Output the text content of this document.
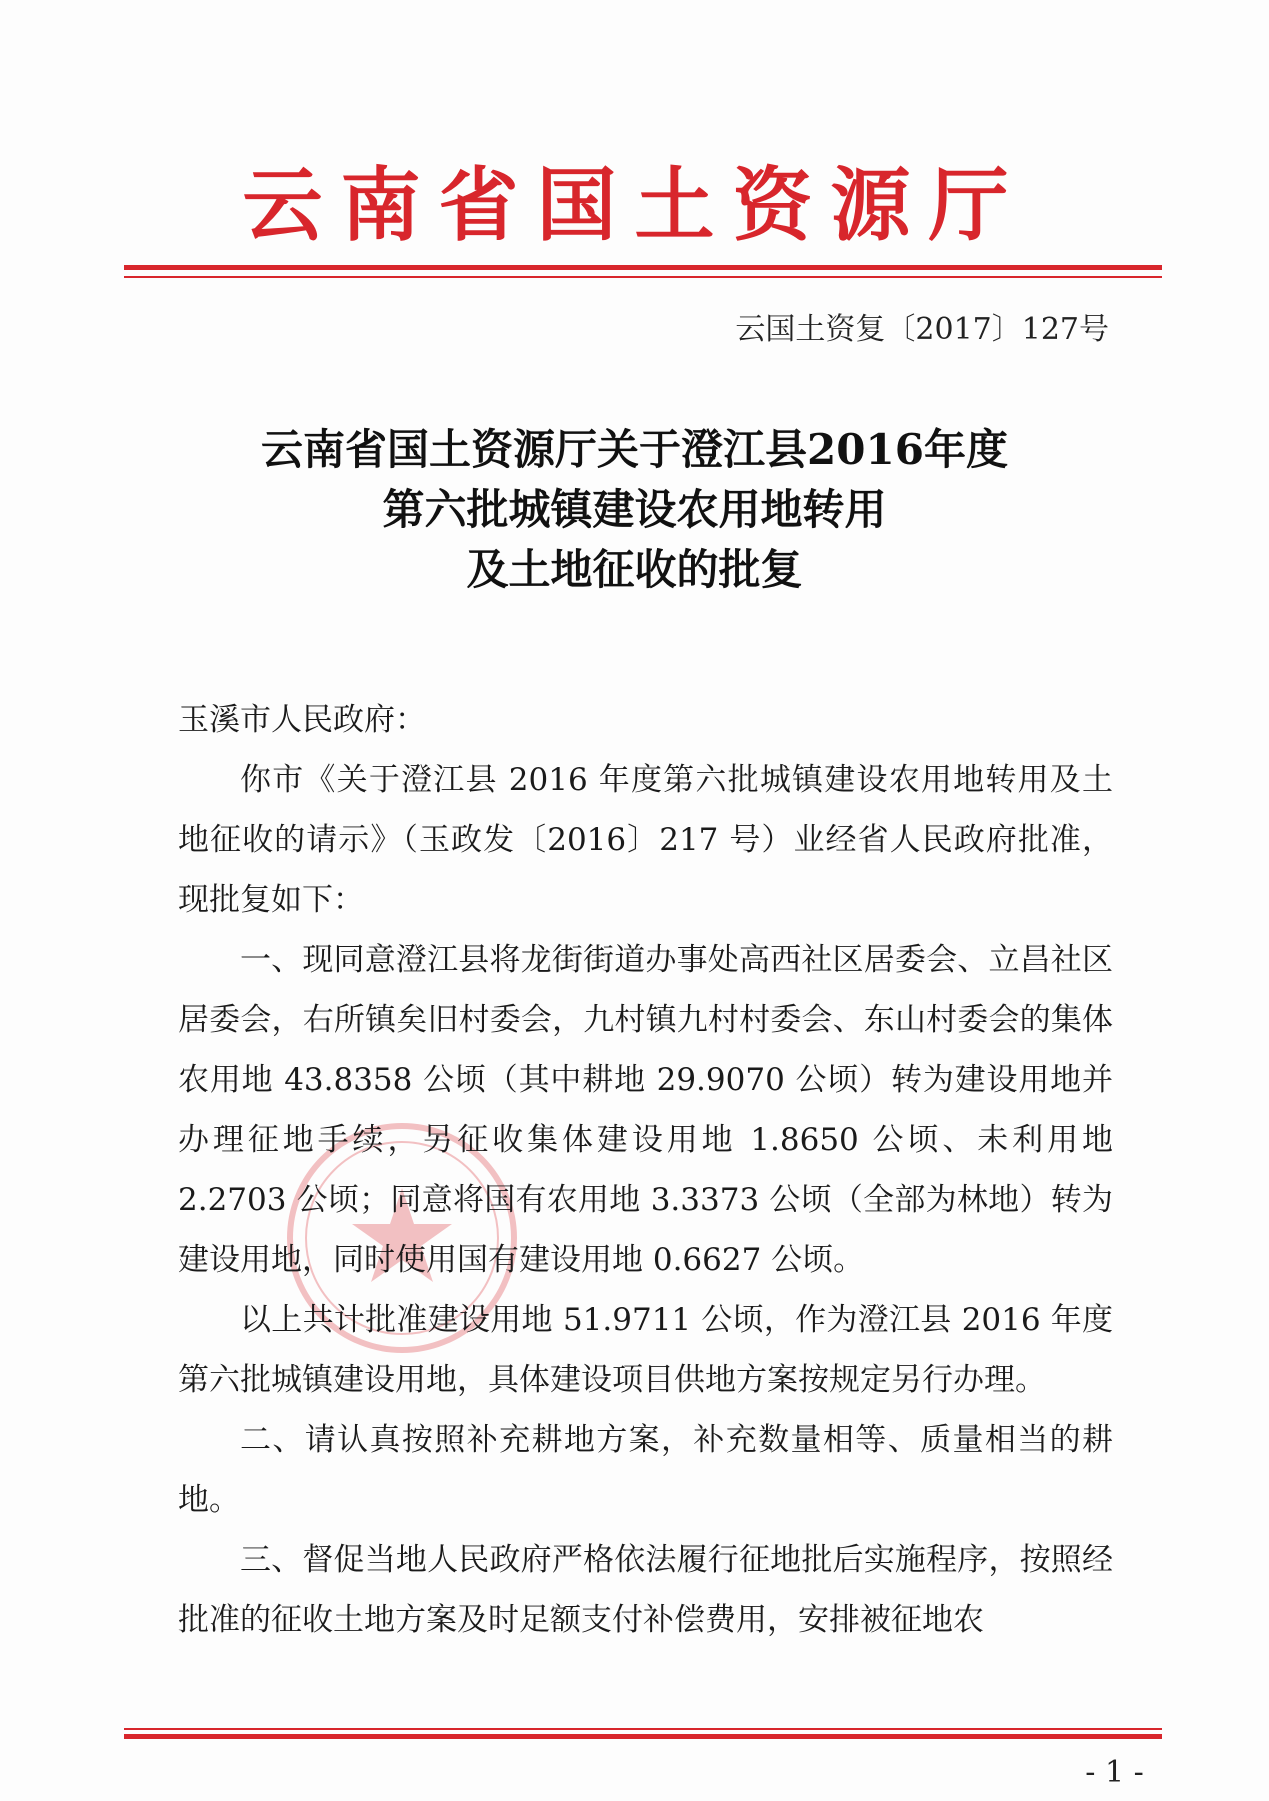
云南省国土资源厅
云国土资复〔2017〕127号
云南省国土资源厅关于澄江县2016年度
第六批城镇建设农用地转用
及土地征收的批复

玉溪市人民政府：

你市《关于澄江县 2016 年度第六批城镇建设农用地转用及土地征收的请示》（玉政发〔2016〕217 号）业经省人民政府批准，现批复如下：

一、现同意澄江县将龙街街道办事处高西社区居委会、立昌社区居委会，右所镇矣旧村委会，九村镇九村村委会、东山村委会的集体农用地 43.8358 公顷（其中耕地 29.9070 公顷）转为建设用地并办理征地手续，另征收集体建设用地 1.8650 公顷、未利用地 2.2703 公顷；同意将国有农用地 3.3373 公顷（全部为林地）转为建设用地，同时使用国有建设用地 0.6627 公顷。

以上共计批准建设用地 51.9711 公顷，作为澄江县 2016 年度第六批城镇建设用地，具体建设项目供地方案按规定另行办理。

二、请认真按照补充耕地方案，补充数量相等、质量相当的耕地。

三、督促当地人民政府严格依法履行征地批后实施程序，按照经批准的征收土地方案及时足额支付补偿费用，安排被征地农

- 1 -
